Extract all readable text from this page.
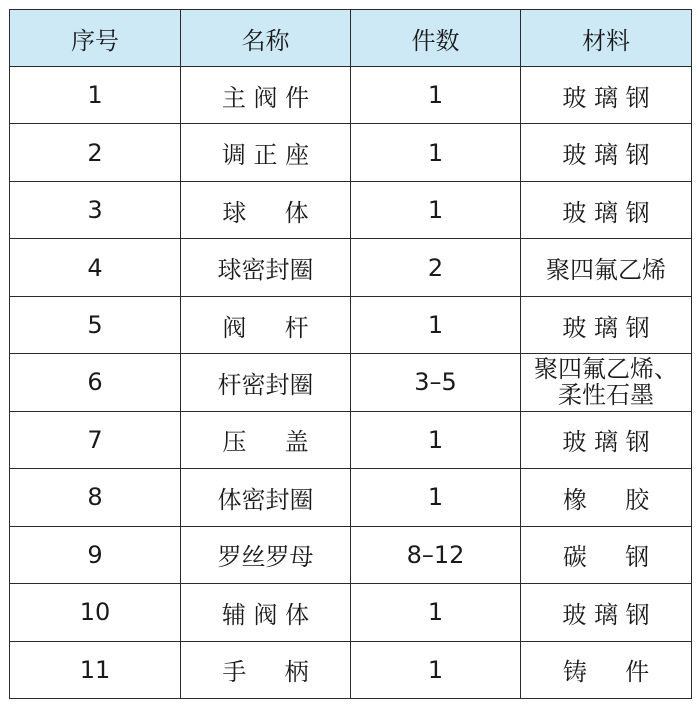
序号	名称	件数	材料
1	主 阀 件	1	玻 璃 钢
2	调 正 座	1	玻 璃 钢
3	球     体	1	玻 璃 钢
4	球密封圈	2	聚四氟乙烯
5	阀     杆	1	玻 璃 钢
6	杆密封圈	3–5	聚四氟乙烯、
柔性石墨

7	压     盖	1	玻 璃 钢
8	体密封圈	1	橡     胶
9	罗丝罗母	8–12	碳     钢
10	辅 阀 体	1	玻 璃 钢
11	手     柄	1	铸     件
